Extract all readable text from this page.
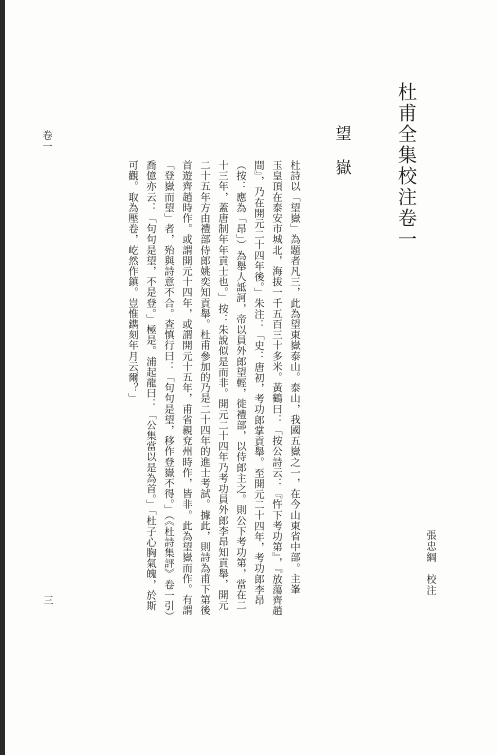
杜甫全集校注卷一
張忠綱　校注
望嶽
杜詩以「望嶽」為題者凡三，此為望東嶽泰山。泰山，我國五嶽之一，在今山東省中部。主峯
玉皇頂在泰安市城北，海拔一千五百三十多米。黃鶴曰：「按公詩云：『忤下考功第』，『放蕩齊趙
間』，乃在開元二十四年後。」朱注：「史：唐初，考功郎掌貢舉。至開元二十四年，考功郎李昂
（按：應為「昂」）為舉人詆訶，帝以員外郎望輕，徙禮部，以侍郎主之。則公下考功第，當在二
十三年，蓋唐制年年貢士也。」按：朱說似是而非。開元二十四年乃考功員外郎李昂知貢舉，開元
二十五年方由禮部侍郎姚奕知貢舉。杜甫參加的乃是二十四年的進士考試。據此，則詩為甫下第後
首遊齊趙時作。或謂開元十四年，或謂開元十五年，甫省親兗州時作，皆非。此為望嶽而作。有謂
「登嶽而望」者，殆與詩意不合。查慎行曰：「句句是望，移作登嶽不得。」（《杜詩集評》卷一引）
喬億亦云：「句句是望，不是登。」極是。浦起龍曰：「公集當以是為首。」「杜子心胸氣魄，於斯
可觀。取為壓卷，屹然作鎮。豈惟鐫刻年月云爾？」
卷一
三
